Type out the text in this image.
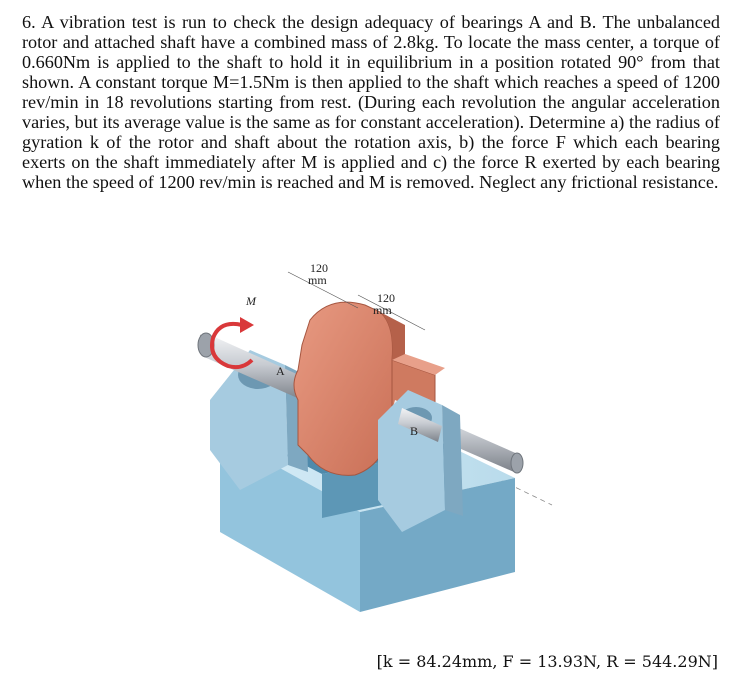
6. A vibration test is run to check the design adequacy of bearings A and B. The unbalanced rotor and attached shaft have a combined mass of 2.8kg. To locate the mass center, a torque of 0.660Nm is applied to the shaft to hold it in equilibrium in a position rotated 90° from that shown. A constant torque M=1.5Nm is then applied to the shaft which reaches a speed of 1200 rev/min in 18 revolutions starting from rest. (During each revolution the angular acceleration varies, but its average value is the same as for constant acceleration). Determine a) the radius of gyration k of the rotor and shaft about the rotation axis, b) the force F which each bearing exerts on the shaft immediately after M is applied and c) the force R exerted by each bearing when the speed of 1200 rev/min is reached and M is removed. Neglect any frictional resistance.
120
mm
120
mm
M
A
B
[k = 84.24mm, F = 13.93N, R = 544.29N]
